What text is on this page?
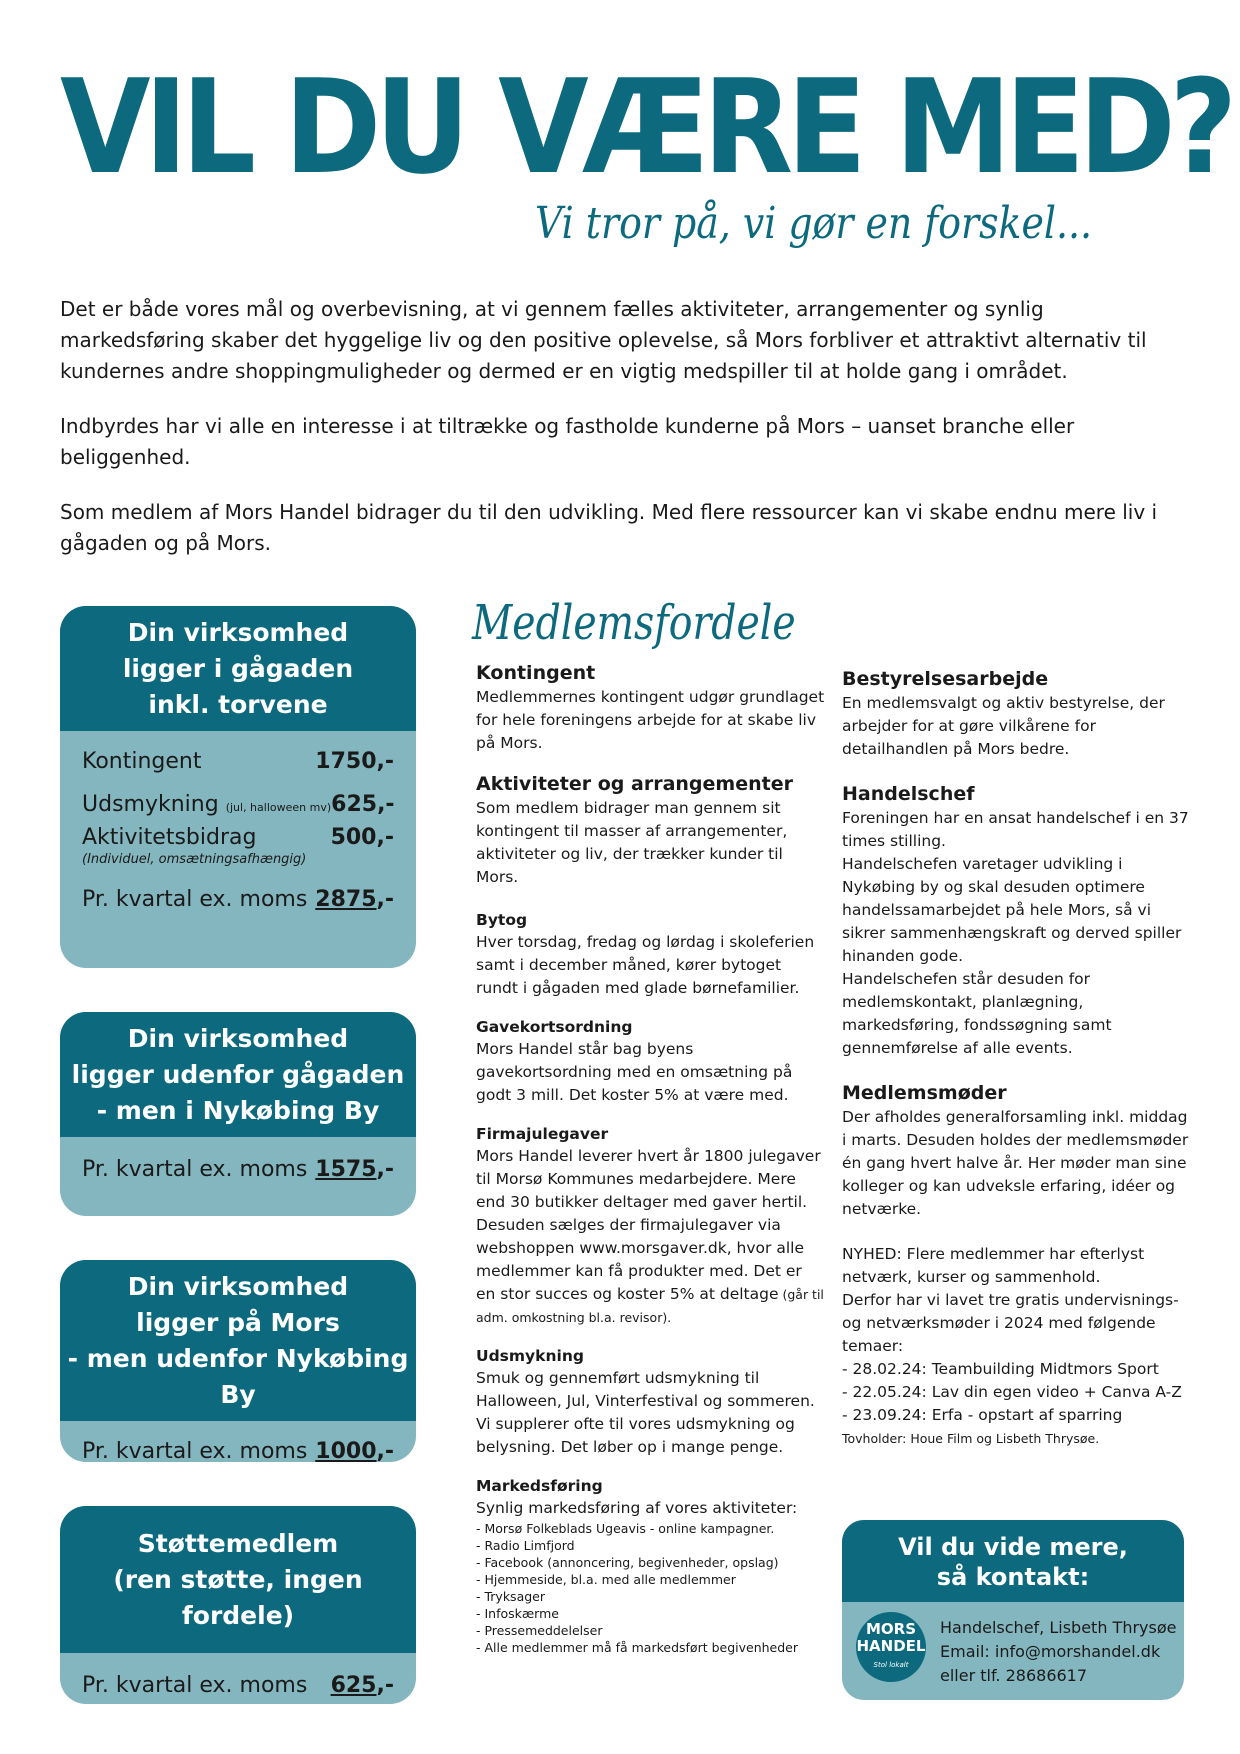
VIL DU VÆRE MED?
Vi tror på, vi gør en forskel...

Det er både vores mål og overbevisning, at vi gennem fælles aktiviteter, arrangementer og synlig markedsføring skaber det hyggelige liv og den positive oplevelse, så Mors forbliver et attraktivt alternativ til kundernes andre shoppingmuligheder og dermed er en vigtig medspiller til at holde gang i området.

Indbyrdes har vi alle en interesse i at tiltrække og fastholde kunderne på Mors – uanset branche eller beliggenhed.

Som medlem af Mors Handel bidrager du til den udvikling. Med flere ressourcer kan vi skabe endnu mere liv i gågaden og på Mors.

Din virksomhed
ligger i gågaden
inkl. torvene
Kontingent	1750,-
Udsmykning (jul, halloween mv) 625,-
Aktivitetsbidrag	500,-
(Individuel, omsætningsafhængig)
Pr. kvartal ex. moms 2875,-
Din virksomhed
ligger udenfor gågaden
- men i Nykøbing By
Pr. kvartal ex. moms 1575,-
Din virksomhed
ligger på Mors
- men udenfor Nykøbing By
Pr. kvartal ex. moms 1000,-
Støttemedlem
(ren støtte, ingen fordele)
Pr. kvartal ex. moms 625,-
Medlemsfordele
Kontingent
Medlemmernes kontingent udgør grundlaget for hele foreningens arbejde for at skabe liv på Mors.
Aktiviteter og arrangementer
Som medlem bidrager man gennem sit kontingent til masser af arrangementer, aktiviteter og liv, der trækker kunder til Mors.
Bytog
Hver torsdag, fredag og lørdag i skoleferien samt i december måned, kører bytoget rundt i gågaden med glade børnefamilier.
Gavekortsordning
Mors Handel står bag byens gavekortsordning med en omsætning på godt 3 mill. Det koster 5% at være med.
Firmajulegaver
Mors Handel leverer hvert år 1800 julegaver til Morsø Kommunes medarbejdere. Mere end 30 butikker deltager med gaver hertil. Desuden sælges der firmajulegaver via webshoppen www.morsgaver.dk, hvor alle medlemmer kan få produkter med. Det er en stor succes og koster 5% at deltage (går til adm. omkostning bl.a. revisor).
Udsmykning
Smuk og gennemført udsmykning til Halloween, Jul, Vinterfestival og sommeren. Vi supplerer ofte til vores udsmykning og belysning. Det løber op i mange penge.
Markedsføring
Synlig markedsføring af vores aktiviteter:
- Morsø Folkeblads Ugeavis - online kampagner.
- Radio Limfjord
- Facebook (annoncering, begivenheder, opslag)
- Hjemmeside, bl.a. med alle medlemmer
- Tryksager
- Infoskærme
- Pressemeddelelser
- Alle medlemmer må få markedsført begivenheder
Bestyrelsesarbejde
En medlemsvalgt og aktiv bestyrelse, der arbejder for at gøre vilkårene for detailhandlen på Mors bedre.
Handelschef
Foreningen har en ansat handelschef i en 37 times stilling.
Handelschefen varetager udvikling i Nykøbing by og skal desuden optimere handelssamarbejdet på hele Mors, så vi sikrer sammenhængskraft og derved spiller hinanden gode.
Handelschefen står desuden for medlemskontakt, planlægning, markedsføring, fondssøgning samt gennemførelse af alle events.
Medlemsmøder
Der afholdes generalforsamling inkl. middag i marts. Desuden holdes der medlemsmøder én gang hvert halve år. Her møder man sine kolleger og kan udveksle erfaring, idéer og netværke.
NYHED: Flere medlemmer har efterlyst netværk, kurser og sammenhold.
Derfor har vi lavet tre gratis undervisnings- og netværksmøder i 2024 med følgende temaer:
- 28.02.24: Teambuilding Midtmors Sport
- 22.05.24: Lav din egen video + Canva A-Z
- 23.09.24: Erfa - opstart af sparring
Tovholder: Houe Film og Lisbeth Thrysøe.
Vil du vide mere,
så kontakt:
MORS
HANDEL
Stol lokalt
Handelschef, Lisbeth Thrysøe
Email: info@morshandel.dk
eller tlf. 28686617
